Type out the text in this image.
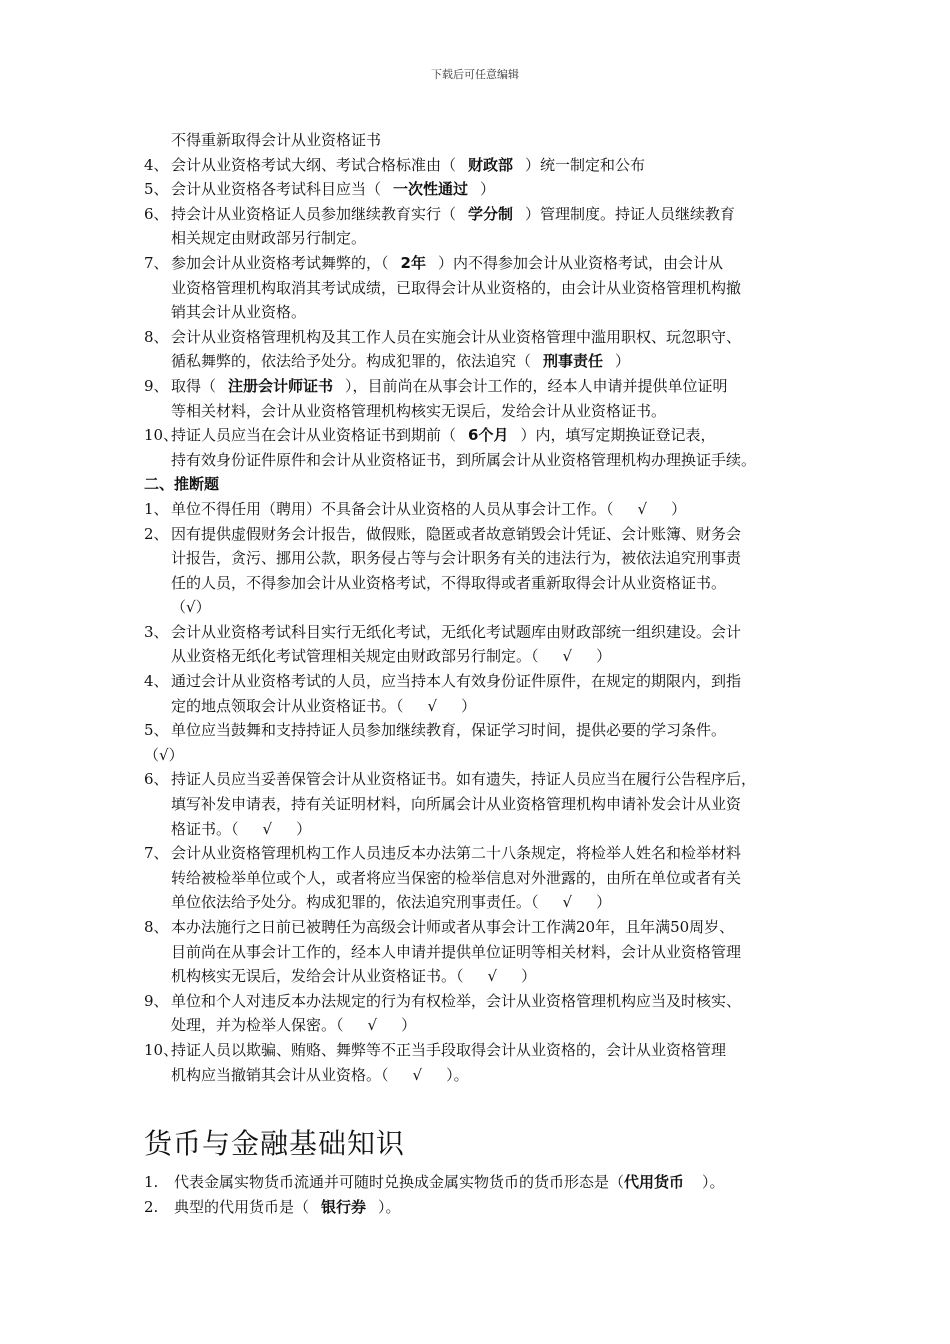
下载后可任意编辑
不得重新取得会计从业资格证书
4、 会计从业资格考试大纲、考试合格标准由（ 财政部 ）统一制定和公布
5、 会计从业资格各考试科目应当（ 一次性通过 ）
6、 持会计从业资格证人员参加继续教育实行（ 学分制 ）管理制度。持证人员继续教育
相关规定由财政部另行制定。
7、 参加会计从业资格考试舞弊的，（ 2年 ）内不得参加会计从业资格考试，由会计从
业资格管理机构取消其考试成绩，已取得会计从业资格的，由会计从业资格管理机构撤
销其会计从业资格。
8、 会计从业资格管理机构及其工作人员在实施会计从业资格管理中滥用职权、玩忽职守、
循私舞弊的，依法给予处分。构成犯罪的，依法追究（ 刑事责任 ）
9、 取得（ 注册会计师证书 ），目前尚在从事会计工作的，经本人申请并提供单位证明
等相关材料，会计从业资格管理机构核实无误后，发给会计从业资格证书。
10、
持证人员应当在会计从业资格证书到期前（ 6个月 ）内，填写定期换证登记表，
持有效身份证件原件和会计从业资格证书，到所属会计从业资格管理机构办理换证手续。
二、推断题
1、 单位不得任用（聘用）不具备会计从业资格的人员从事会计工作。（ √ ）
2、 因有提供虚假财务会计报告，做假账，隐匿或者故意销毁会计凭证、会计账簿、财务会
计报告，贪污、挪用公款，职务侵占等与会计职务有关的违法行为，被依法追究刑事责
任的人员，不得参加会计从业资格考试，不得取得或者重新取得会计从业资格证书。
（√）
3、 会计从业资格考试科目实行无纸化考试，无纸化考试题库由财政部统一组织建设。会计
从业资格无纸化考试管理相关规定由财政部另行制定。（ √ ）
4、 通过会计从业资格考试的人员，应当持本人有效身份证件原件，在规定的期限内，到指
定的地点领取会计从业资格证书。（ √ ）
5、 单位应当鼓舞和支持持证人员参加继续教育，保证学习时间，提供必要的学习条件。
（√）
6、 持证人员应当妥善保管会计从业资格证书。如有遗失，持证人员应当在履行公告程序后，
填写补发申请表，持有关证明材料，向所属会计从业资格管理机构申请补发会计从业资
格证书。（ √ ）
7、 会计从业资格管理机构工作人员违反本办法第二十八条规定，将检举人姓名和检举材料
转给被检举单位或个人，或者将应当保密的检举信息对外泄露的，由所在单位或者有关
单位依法给予处分。构成犯罪的，依法追究刑事责任。（ √ ）
8、 本办法施行之日前已被聘任为高级会计师或者从事会计工作满20年，且年满50周岁、
目前尚在从事会计工作的，经本人申请并提供单位证明等相关材料，会计从业资格管理
机构核实无误后，发给会计从业资格证书。（ √ ）
9、 单位和个人对违反本办法规定的行为有权检举，会计从业资格管理机构应当及时核实、
处理，并为检举人保密。（ √ ）
10、
持证人员以欺骗、贿赂、舞弊等不正当手段取得会计从业资格的，会计从业资格管理
机构应当撤销其会计从业资格。（ √ ）。
货币与金融基础知识
1. 代表金属实物货币流通并可随时兑换成金属实物货币的货币形态是（代用货币 ）。
2. 典型的代用货币是（ 银行券 ）。
